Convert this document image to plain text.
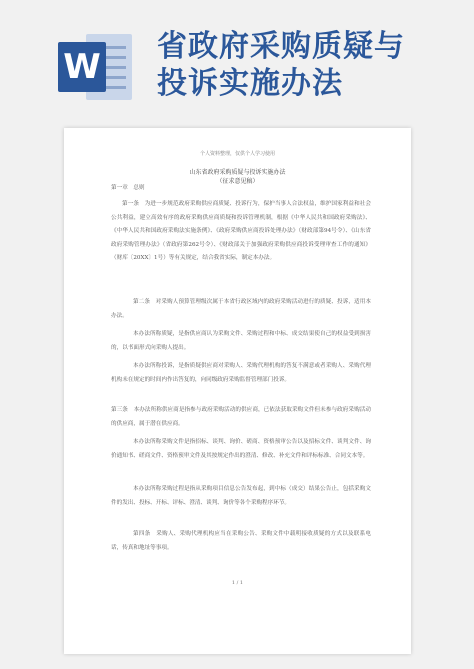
W
省政府采购质疑与
投诉实施办法
个人资料整理，仅供个人学习使用
山东省政府采购质疑与投诉实施办法
（征求意见稿）

第一章　总则

第一条　为进一步规范政府采购供应商质疑、投诉行为，保护当事人合法权益，维护国家利益和社会公共利益，建立高效有序的政府采购供应商质疑和投诉管理机制，根据《中华人民共和国政府采购法》、《中华人民共和国政府采购法实施条例》、《政府采购供应商投诉处理办法》（财政部第94号令）、《山东省政府采购管理办法》（省政府第262号令）、《财政部关于加强政府采购供应商投诉受理审查工作的通知》（财库〔20XX〕1号）等有关规定，结合我省实际，制定本办法。

第二条　对采购人预算管理级次属于本省行政区域内的政府采购活动进行的质疑、投诉，适用本办法。

本办法所称质疑，是指供应商认为采购文件、采购过程和中标、成交结果使自己的权益受到损害的，以书面形式向采购人提出。

本办法所称投诉，是指质疑供应商对采购人、采购代理机构的答复不满意或者采购人、采购代理机构未在规定的时间内作出答复的，向同级政府采购监督管理部门投诉。

第三条　本办法所称供应商是指参与政府采购活动的供应商，已依法获取采购文件但未参与政府采购活动的供应商，属于潜在供应商。

本办法所称采购文件是指招标、谈判、询价、磋商、资格预审公告以及招标文件、谈判文件、询价通知书、磋商文件、资格预审文件及其按规定作出的澄清、修改、补充文件和评标标准、合同文本等。

本办法所称采购过程是指从采购项目信息公告发布起，到中标（成交）结果公告止，包括采购文件的发出、投标、开标、评标、澄清、谈判、询价等各个采购程序环节。

第四条　采购人、采购代理机构应当在采购公告、采购文件中载明接收质疑的方式以及联系电话，传真和地址等事项。

1 / 1
